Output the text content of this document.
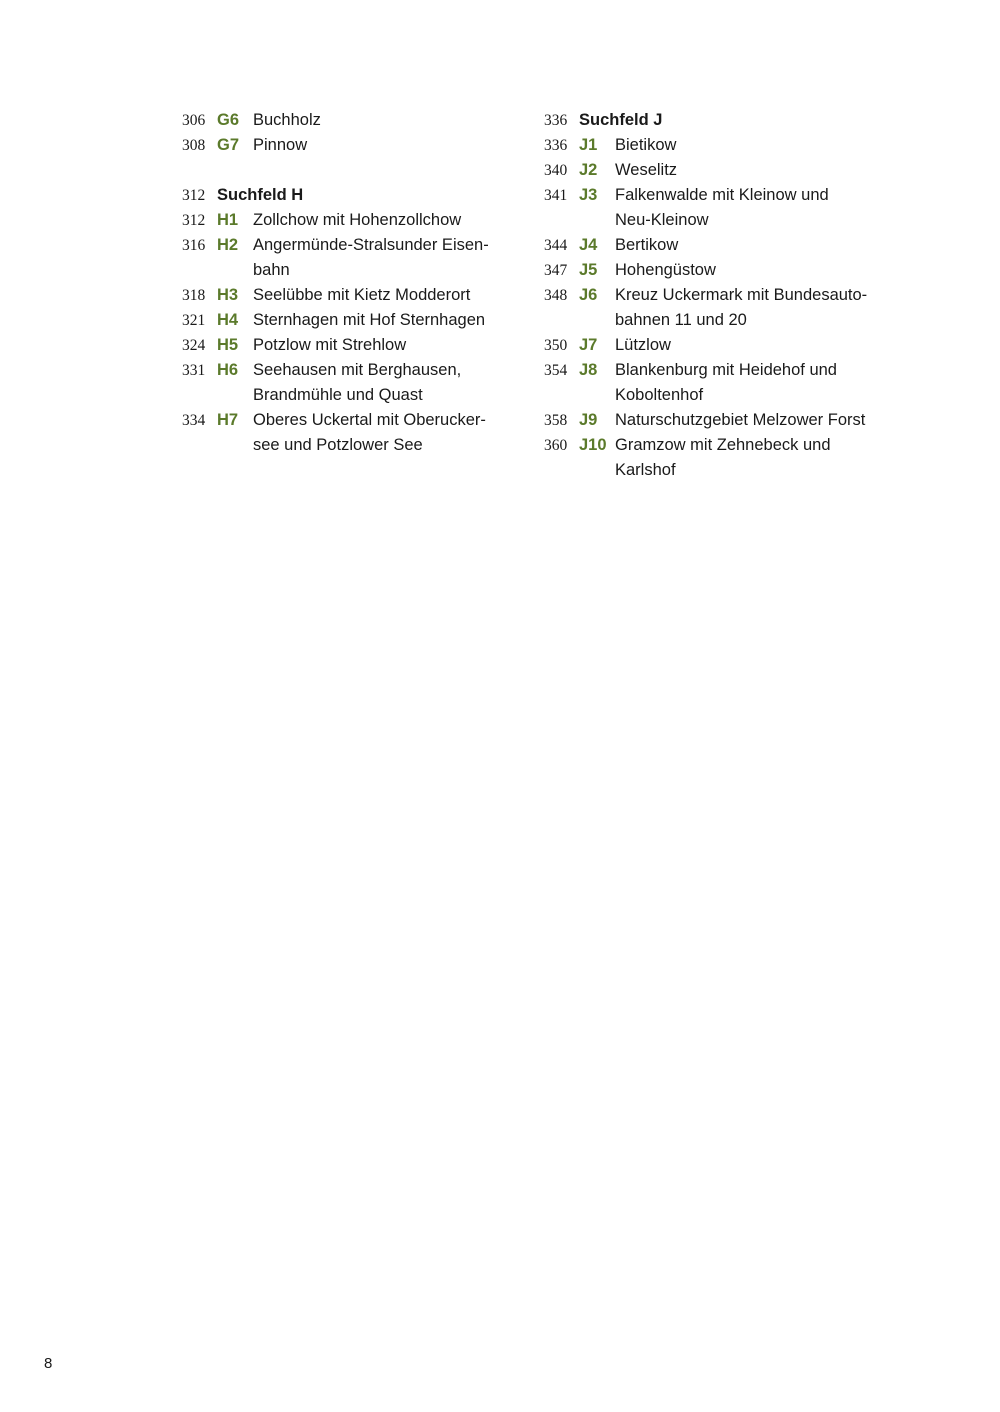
306 G6 Buchholz
308 G7 Pinnow
312 Suchfeld H
312 H1 Zollchow mit Hohenzollchow
316 H2 Angermünde-Stralsunder Eisen-
bahn
318 H3 Seelübbe mit Kietz Modderort
321 H4 Sternhagen mit Hof Sternhagen
324 H5 Potzlow mit Strehlow
331 H6 Seehausen mit Berghausen,
Brandmühle und Quast
334 H7 Oberes Uckertal mit Oberucker-
see und Potzlower See
336 Suchfeld J
336 J1 Bietikow
340 J2 Weselitz
341 J3 Falkenwalde mit Kleinow und
Neu-Kleinow
344 J4 Bertikow
347 J5 Hohengüstow
348 J6 Kreuz Uckermark mit Bundesauto-
bahnen 11 und 20
350 J7 Lützlow
354 J8 Blankenburg mit Heidehof und
Koboltenhof
358 J9 Naturschutzgebiet Melzower Forst
360 J10 Gramzow mit Zehnebeck und
Karlshof
8
